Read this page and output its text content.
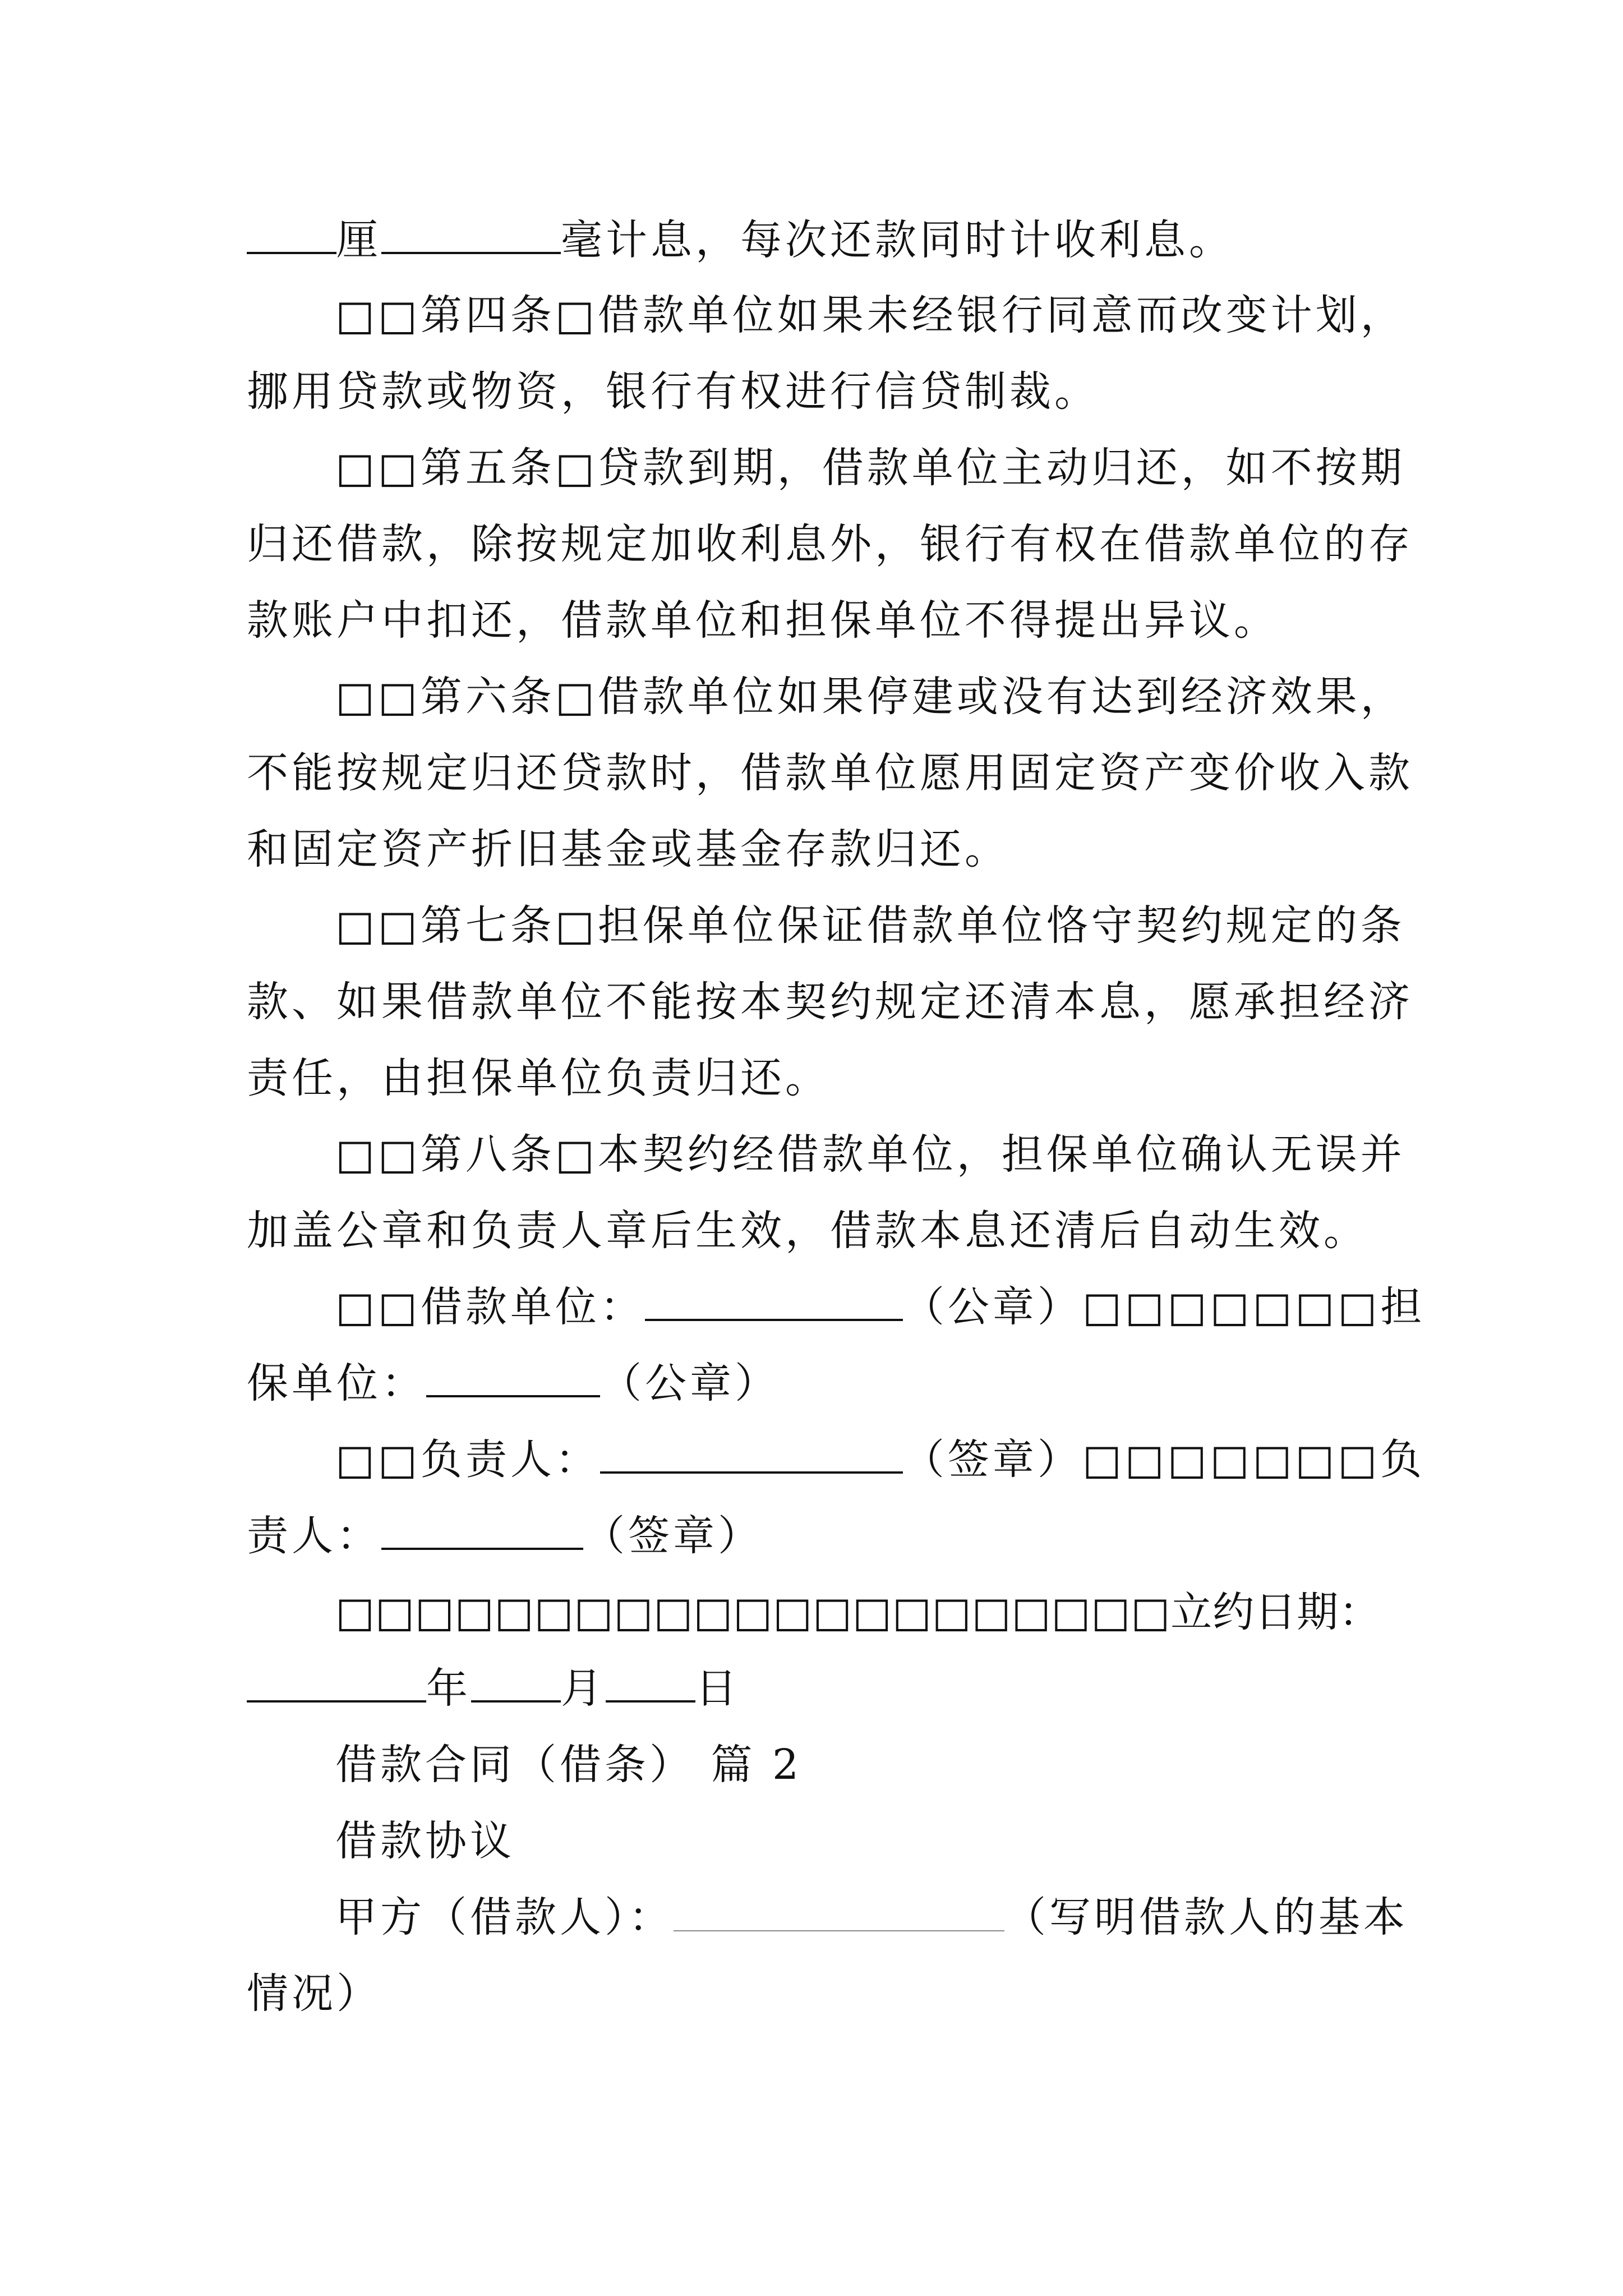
厘	毫计息，每次还款同时计收利息。
□□第四条□借款单位如果未经银行同意而改变计划，
挪用贷款或物资，银行有权进行信贷制裁。
□□第五条□贷款到期，借款单位主动归还，如不按期
归还借款，除按规定加收利息外，银行有权在借款单位的存
款账户中扣还，借款单位和担保单位不得提出异议。
□□第六条□借款单位如果停建或没有达到经济效果，
不能按规定归还贷款时，借款单位愿用固定资产变价收入款
和固定资产折旧基金或基金存款归还。
□□第七条□担保单位保证借款单位恪守契约规定的条
款、如果借款单位不能按本契约规定还清本息，愿承担经济
责任，由担保单位负责归还。
□□第八条□本契约经借款单位，担保单位确认无误并
加盖公章和负责人章后生效，借款本息还清后自动生效。
□□借款单位：	（公章）□□□□□□□担
保单位：	（公章）
□□负责人：	（签章）□□□□□□□负
责人：	（签章）
□□□□□□□□□□□□□□□□□□□□□立约日期：
年 月 日
借款合同（借条） 篇 2
借款协议
甲方（借款人）：	（写明借款人的基本
情况）
